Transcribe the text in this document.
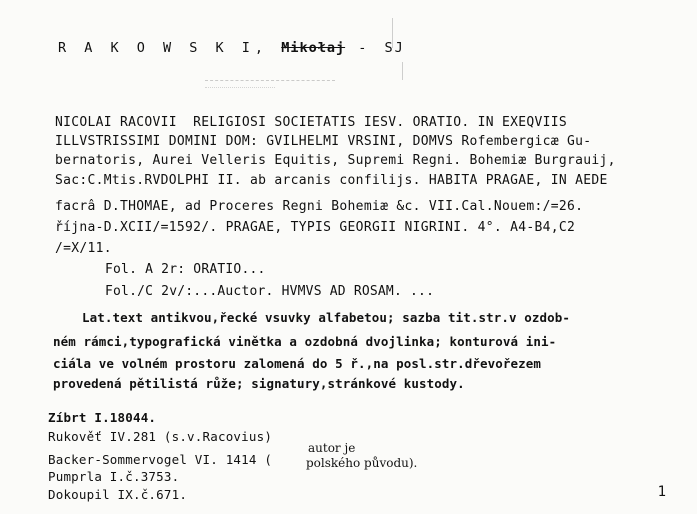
R A K O W S K I, Mikołaj - SJ
NICOLAI RACOVII  RELIGIOSI SOCIETATIS IESV. ORATIO. IN EXEQVIIS
ILLVSTRISSIMI DOMINI DOM: GVILHELMI VRSINI, DOMVS Rofembergicæ Gu-
bernatoris, Aurei Velleris Equitis, Supremi Regni. Bohemiæ Burgrauij,
Sac:C.Mtis.RVDOLPHI II. ab arcanis confilijs. HABITA PRAGAE, IN AEDE
facrâ D.THOMAE, ad Proceres Regni Bohemiæ &c. VII.Cal.Nouem:/=26.
října-D.XCII/=1592/. PRAGAE, TYPIS GEORGII NIGRINI. 4°. A4-B4,C2
/=X/11.
Fol. A 2r: ORATIO...
Fol./C 2v/:...Auctor. HVMVS AD ROSAM. ...
Lat.text antikvou,řecké vsuvky alfabetou; sazba tit.str.v ozdob-
ném rámci,typografická vinětka a ozdobná dvojlinka; konturová ini-
ciála ve volném prostoru zalomená do 5 ř.,na posl.str.dřevořezem
provedená pětilistá růže; signatury,stránkové kustody.
Zíbrt I.18044.
Rukověť IV.281 (s.v.Racovius)
Backer-Sommervogel VI. 1414 (
Pumprla I.č.3753.
Dokoupil IX.č.671.
autor je
polského původu).
1
